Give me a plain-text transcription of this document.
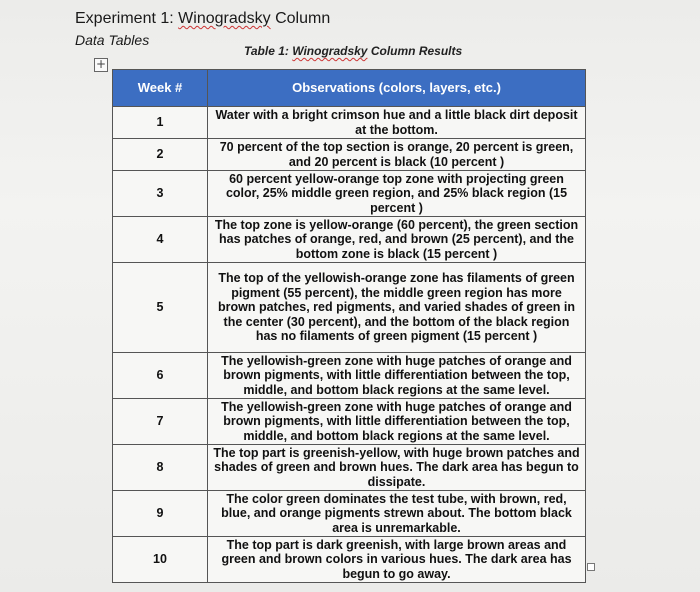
Experiment 1: Winogradsky Column
Data Tables
Table 1: Winogradsky Column Results
+
Week #	Observations (colors, layers, etc.)
1	Water with a bright crimson hue and a little black dirt deposit at the bottom.
2	70 percent of the top section is orange, 20 percent is green, and 20 percent is black (10 percent )
3	60 percent yellow-orange top zone with projecting green color, 25% middle green region, and 25% black region (15 percent )
4	The top zone is yellow-orange (60 percent), the green section has patches of orange, red, and brown (25 percent), and the bottom zone is black (15 percent )
5	The top of the yellowish-orange zone has filaments of green pigment (55 percent), the middle green region has more brown patches, red pigments, and varied shades of green in the center (30 percent), and the bottom of the black region has no filaments of green pigment (15 percent )
6	The yellowish-green zone with huge patches of orange and brown pigments, with little differentiation between the top, middle, and bottom black regions at the same level.
7	The yellowish-green zone with huge patches of orange and brown pigments, with little differentiation between the top, middle, and bottom black regions at the same level.
8	The top part is greenish-yellow, with huge brown patches and shades of green and brown hues. The dark area has begun to dissipate.
9	The color green dominates the test tube, with brown, red, blue, and orange pigments strewn about. The bottom black area is unremarkable.
10	The top part is dark greenish, with large brown areas and green and brown colors in various hues. The dark area has begun to go away.
